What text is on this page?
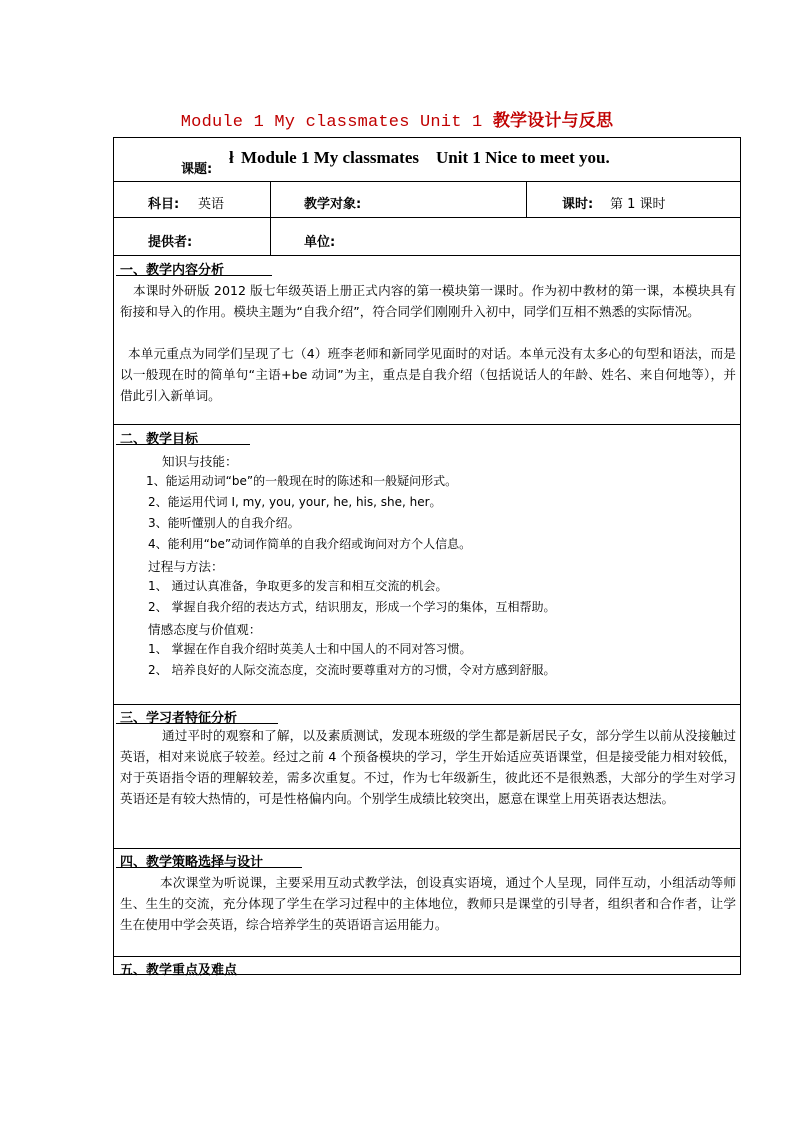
Module 1 My classmates Unit 1 教学设计与反思
课题:
ł Module 1 My classmates    Unit 1 Nice to meet you.
科目: 英语	教学对象:	课时: 第 1 课时
提供者:	单位:
一、教学内容分析
本课时外研版 2012 版七年级英语上册正式内容的第一模块第一课时。作为初中教材的第一课，本模块具有衔接和导入的作用。模块主题为“自我介绍”，符合同学们刚刚升入初中，同学们互相不熟悉的实际情况。
本单元重点为同学们呈现了七（4）班李老师和新同学见面时的对话。本单元没有太多心的句型和语法，而是以一般现在时的简单句“主语+be 动词”为主，重点是自我介绍（包括说话人的年龄、姓名、来自何地等），并借此引入新单词。
二、教学目标
知识与技能：
1、能运用动词“be”的一般现在时的陈述和一般疑问形式。
2、能运用代词 I, my, you, your, he, his, she, her。
3、能听懂别人的自我介绍。
4、能利用“be”动词作简单的自我介绍或询问对方个人信息。
过程与方法：
1、 通过认真准备，争取更多的发言和相互交流的机会。
2、 掌握自我介绍的表达方式，结识朋友，形成一个学习的集体，互相帮助。
情感态度与价值观：
1、 掌握在作自我介绍时英美人士和中国人的不同对答习惯。
2、 培养良好的人际交流态度，交流时要尊重对方的习惯，令对方感到舒服。
三、学习者特征分析
通过平时的观察和了解，以及素质测试，发现本班级的学生都是新居民子女，部分学生以前从没接触过英语，相对来说底子较差。经过之前 4 个预备模块的学习，学生开始适应英语课堂，但是接受能力相对较低，对于英语指令语的理解较差，需多次重复。不过，作为七年级新生，彼此还不是很熟悉，大部分的学生对学习英语还是有较大热情的，可是性格偏内向。个别学生成绩比较突出，愿意在课堂上用英语表达想法。
四、教学策略选择与设计
本次课堂为听说课，主要采用互动式教学法，创设真实语境，通过个人呈现，同伴互动，小组活动等师生、生生的交流，充分体现了学生在学习过程中的主体地位，教师只是课堂的引导者，组织者和合作者，让学生在使用中学会英语，综合培养学生的英语语言运用能力。
五、教学重点及难点
